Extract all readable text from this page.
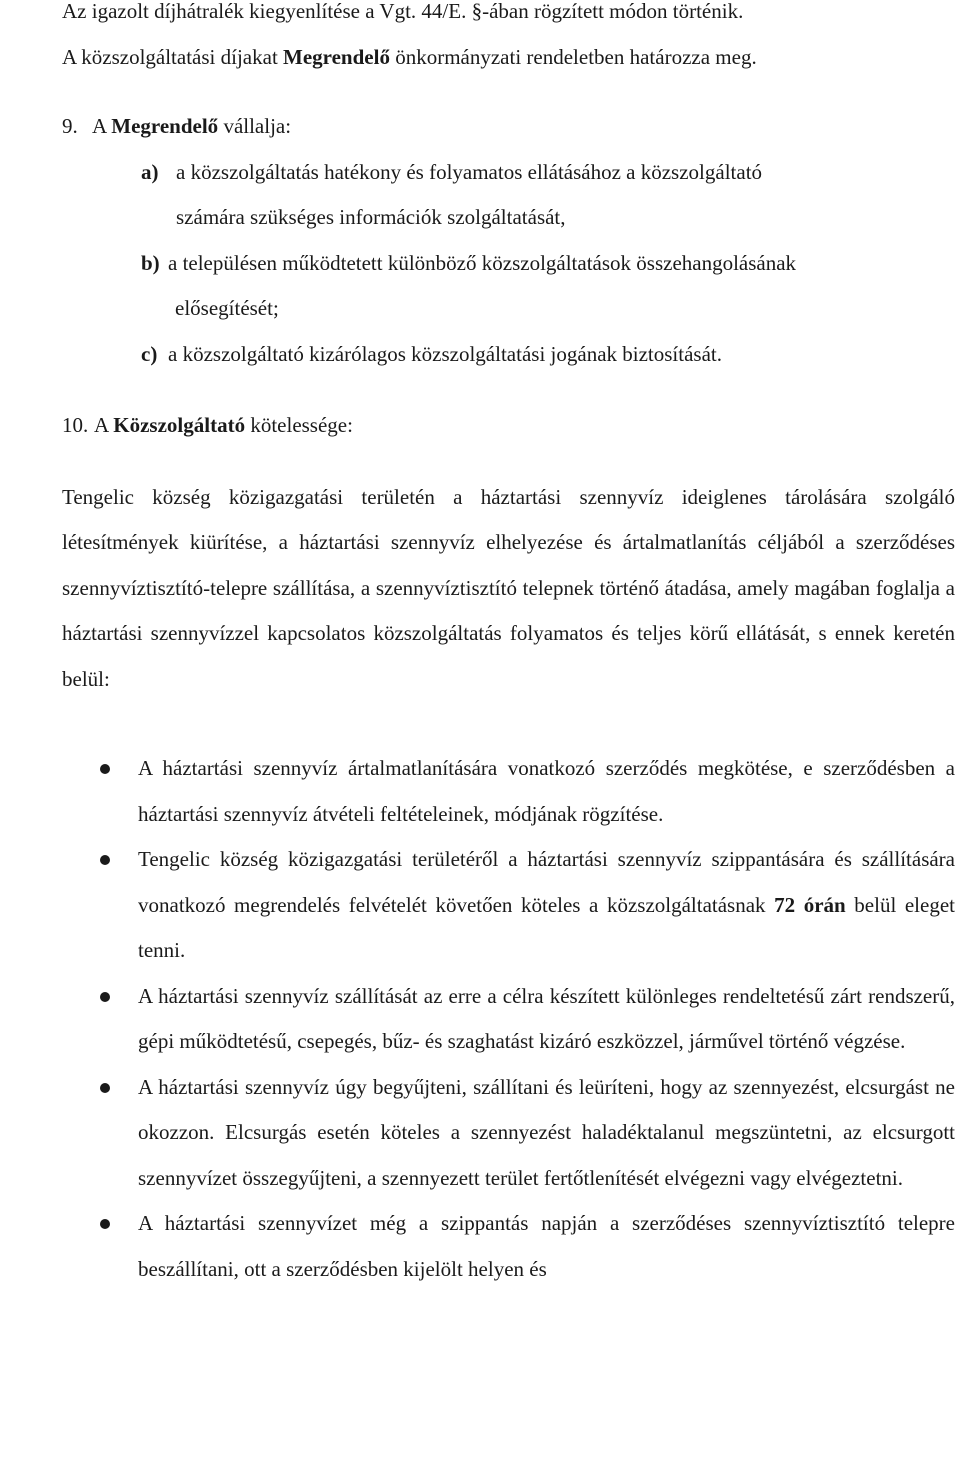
Az igazolt díjhátralék kiegyenlítése a Vgt. 44/E. §-ában rögzített módon történik.

A közszolgáltatási díjakat Megrendelő önkormányzati rendeletben határozza meg.

9. A Megrendelő vállalja:

a) a közszolgáltatás hatékony és folyamatos ellátásához a közszolgáltató

számára szükséges információk szolgáltatását,

b) a településen működtetett különböző közszolgáltatások összehangolásának

elősegítését;

c) a közszolgáltató kizárólagos közszolgáltatási jogának biztosítását.

10. A Közszolgáltató kötelessége:

Tengelic község közigazgatási területén a háztartási szennyvíz ideiglenes tárolására szolgáló létesítmények kiürítése, a háztartási szennyvíz elhelyezése és ártalmatlanítás céljából a szerződéses szennyvíztisztító-telepre szállítása, a szennyvíztisztító telepnek történő átadása, amely magában foglalja a háztartási szennyvízzel kapcsolatos közszolgáltatás folyamatos és teljes körű ellátását, s ennek keretén belül:

A háztartási szennyvíz ártalmatlanítására vonatkozó szerződés megkötése, e szerződésben a háztartási szennyvíz átvételi feltételeinek, módjának rögzítése.
Tengelic község közigazgatási területéről a háztartási szennyvíz szippantására és szállítására vonatkozó megrendelés felvételét követően köteles a közszolgáltatásnak 72 órán belül eleget tenni.
A háztartási szennyvíz szállítását az erre a célra készített különleges rendeltetésű zárt rendszerű, gépi működtetésű, csepegés, bűz- és szaghatást kizáró eszközzel, járművel történő végzése.
A háztartási szennyvíz úgy begyűjteni, szállítani és leüríteni, hogy az szennyezést, elcsurgást ne okozzon. Elcsurgás esetén köteles a szennyezést haladéktalanul megszüntetni, az elcsurgott szennyvízet összegyűjteni, a szennyezett terület fertőtlenítését elvégezni vagy elvégeztetni.
A háztartási szennyvízet még a szippantás napján a szerződéses szennyvíztisztító telepre beszállítani, ott a szerződésben kijelölt helyen és
